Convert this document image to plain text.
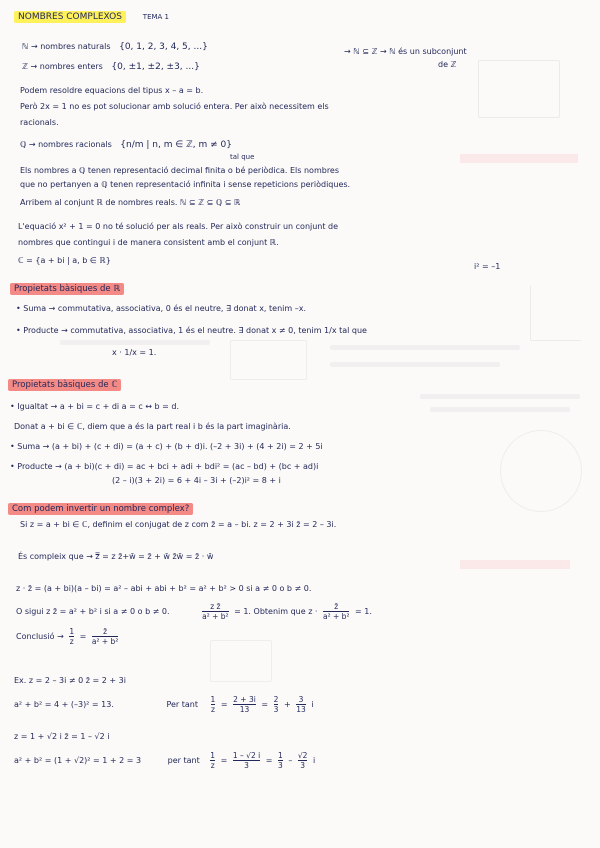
NOMBRES COMPLEXOS	TEMA 1
ℕ → nombres naturals {0, 1, 2, 3, 4, 5, ...}	→ ℕ ⊆ ℤ → ℕ és un subconjunt
de ℤ
ℤ → nombres enters {0, ±1, ±2, ±3, ...}
Podem resoldre equacions del tipus x – a = b.
Però 2x = 1 no es pot solucionar amb solució entera. Per això necessitem els
racionals.
ℚ → nombres racionals {n/m | n, m ∈ ℤ, m ≠ 0}
tal que
Els nombres a ℚ tenen representació decimal finita o bé periòdica. Els nombres
que no pertanyen a ℚ tenen representació infinita i sense repeticions periòdiques.
Arribem al conjunt ℝ de nombres reals. ℕ ⊆ ℤ ⊆ ℚ ⊆ ℝ
L'equació x² + 1 = 0 no té solució per als reals. Per això construir un conjunt de
nombres que contingui i de manera consistent amb el conjunt ℝ.
ℂ = {a + bi | a, b ∈ ℝ}
i² = –1
Propietats bàsiques de ℝ
• Suma → commutativa, associativa, 0 és el neutre, ∃ donat x, tenim –x.
• Producte → commutativa, associativa, 1 és el neutre. ∃ donat x ≠ 0, tenim 1/x tal que
x · 1/x = 1.
Propietats bàsiques de ℂ
• Igualtat → a + bi = c + di a = c ↔ b = d.
Donat a + bi ∈ ℂ, diem que a és la part real i b és la part imaginària.
• Suma → (a + bi) + (c + di) = (a + c) + (b + d)i. (–2 + 3i) + (4 + 2i) = 2 + 5i
• Producte → (a + bi)(c + di) = ac + bci + adi + bdi² = (ac – bd) + (bc + ad)i
(2 – i)(3 + 2i) = 6 + 4i – 3i + (–2)i² = 8 + i
Com podem invertir un nombre complex?
Si z = a + bi ∈ ℂ, definim el conjugat de z com z̄ = a – bi. z = 2 + 3i z̄ = 2 – 3i.
És compleix que → z̿ = z z̄+w̄ = z̄ + w̄ z̄w̄ = z̄ · w̄
z · z̄ = (a + bi)(a – bi) = a² – abi + abi + b² = a² + b² > 0 si a ≠ 0 o b ≠ 0.
O sigui z z̄ = a² + b² i si a ≠ 0 o b ≠ 0.	$\frac{\text{z z̄}}{\text{a² + b²}} = 1$. Obtenim que $z \cdot \frac{z̄}{\text{a² + b²}} = 1$.
Conclusió → $\frac{1}{z} = \frac{z̄}{\text{a² + b²}}$
Ex. z = 2 – 3i ≠ 0 z̄ = 2 + 3i
a² + b² = 4 + (–3)² = 13.	Per tant $\frac{1}{z} = \frac{2 + 3i}{13} = \frac{2}{3} + \frac{3}{13}$ i
z = 1 + √2 i z̄ = 1 – √2 i
a² + b² = (1 + √2)² = 1 + 2 = 3	per tant $\frac{1}{z} = \frac{1 - √2 i}{3} = \frac{1}{3} - \frac{√2}{3}$ i
